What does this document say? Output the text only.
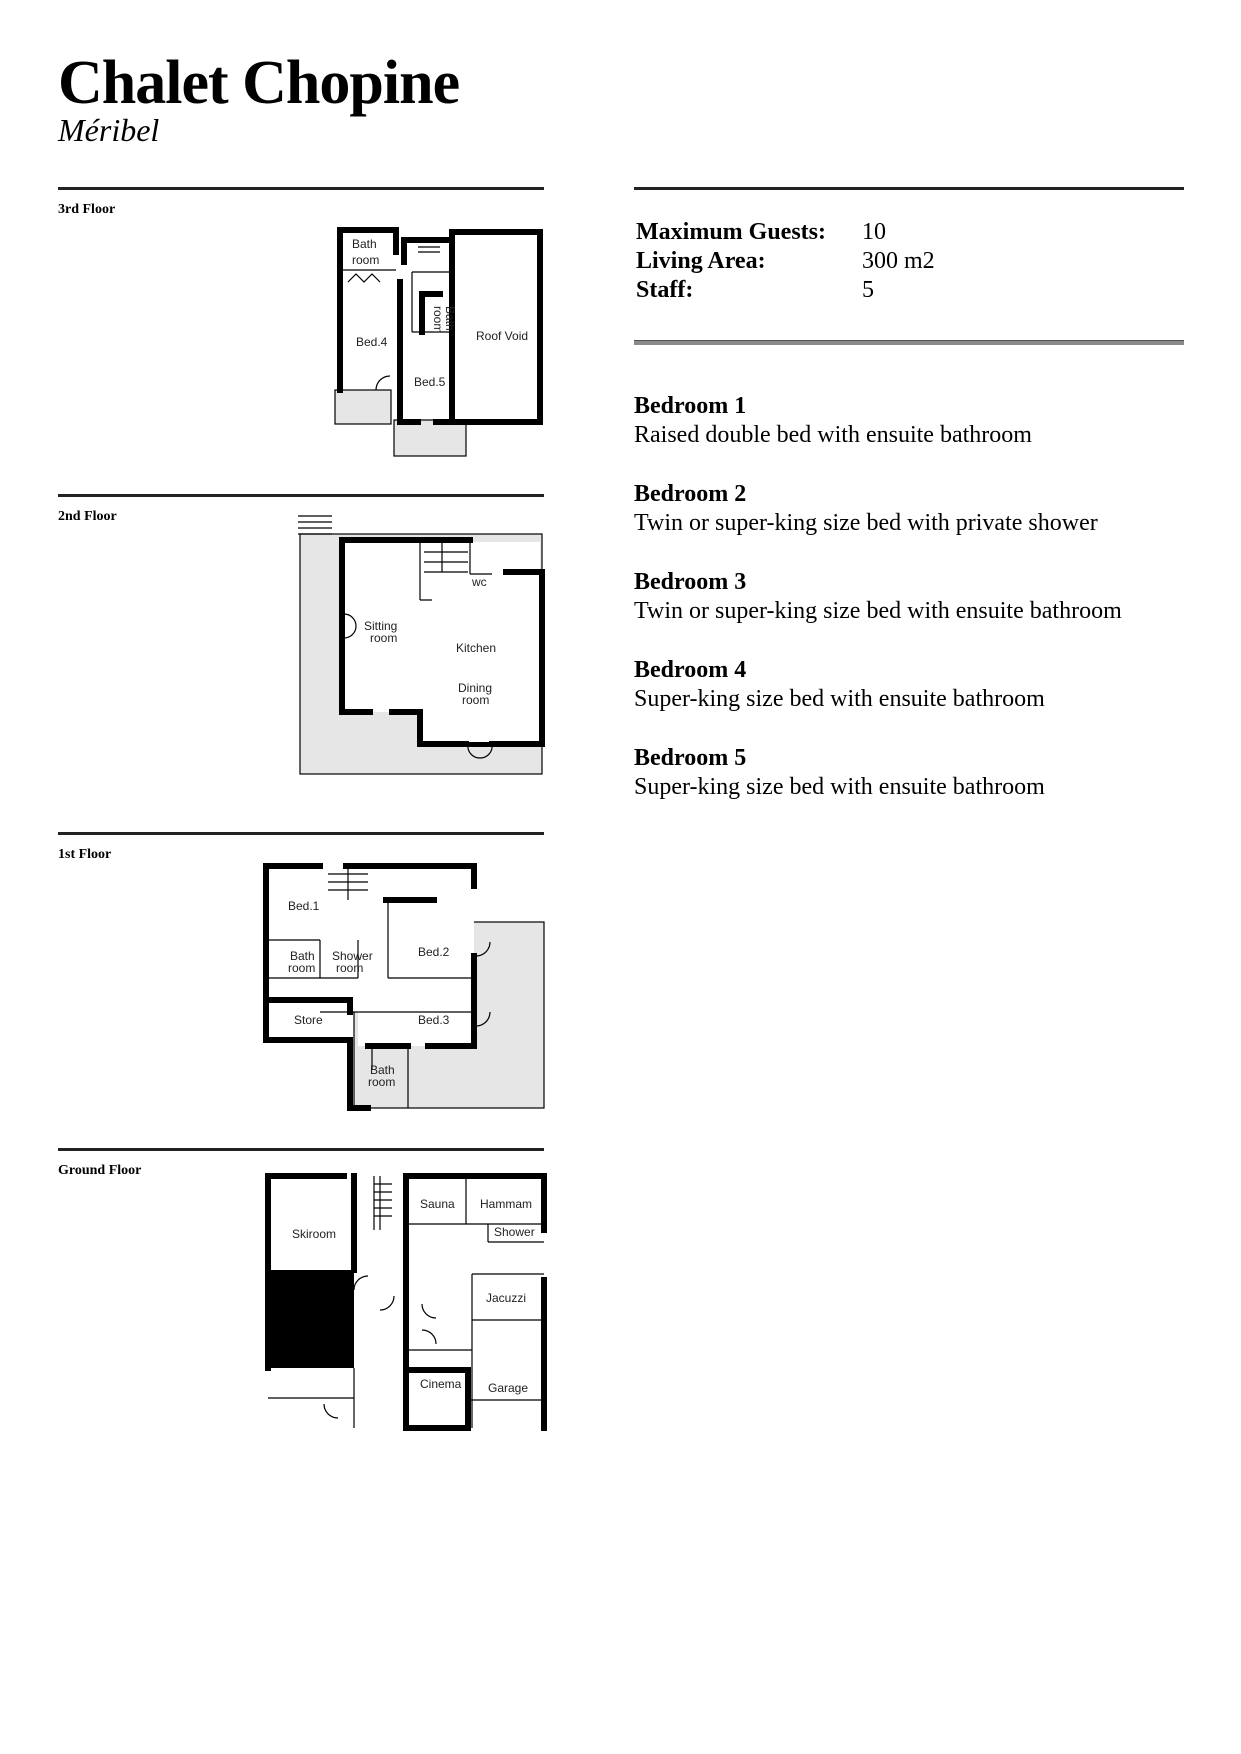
Chalet Chopine
Méribel
3rd Floor
2nd Floor
1st Floor
Ground Floor
Bath
room
Bed.4
Bath
room
Roof Void
Bed.5
wc
Sitting
room
Kitchen
Dining
room
Bed.1
Bath
room
Shower
room
Bed.2
Store	Bed.3
Bath
room
Skiroom
Sauna Hammam
Shower
Jacuzzi
Cinema Garage
Maximum Guests:	10
Living Area:	300 m2
Staff:	5
Bedroom 1
Raised double bed with ensuite bathroom
Bedroom 2
Twin or super-king size bed with private shower
Bedroom 3
Twin or super-king size bed with ensuite bathroom
Bedroom 4
Super-king size bed with ensuite bathroom
Bedroom 5
Super-king size bed with ensuite bathroom
